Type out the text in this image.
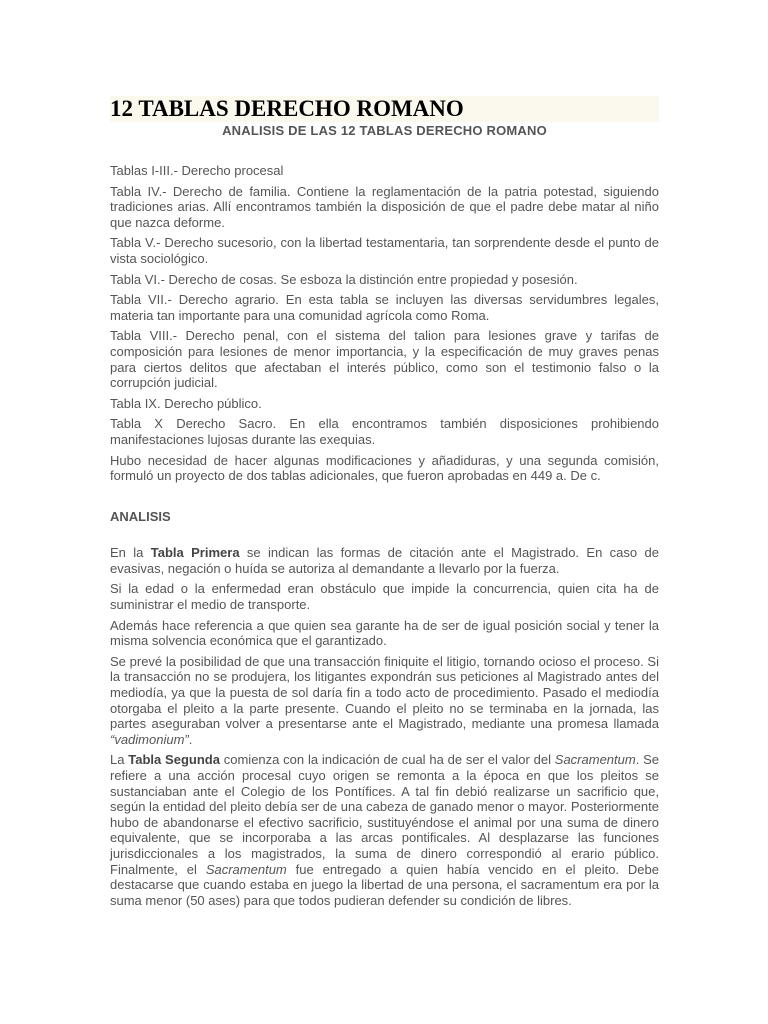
12 TABLAS DERECHO ROMANO
ANALISIS DE LAS 12 TABLAS DERECHO ROMANO

Tablas I-III.- Derecho procesal

Tabla IV.- Derecho de familia. Contiene la reglamentación de la patria potestad, siguiendo tradiciones arias. Allí encontramos también la disposición de que el padre debe matar al niño que nazca deforme.

Tabla V.- Derecho sucesorio, con la libertad testamentaria, tan sorprendente desde el punto de vista sociológico.

Tabla VI.- Derecho de cosas. Se esboza la distinción entre propiedad y posesión.

Tabla VII.- Derecho agrario. En esta tabla se incluyen las diversas servidumbres legales, materia tan importante para una comunidad agrícola como Roma.

Tabla VIII.- Derecho penal, con el sistema del talion para lesiones grave y tarifas de composición para lesiones de menor importancia, y la especificación de muy graves penas para ciertos delitos que afectaban el interés público, como son el testimonio falso o la corrupción judicial.

Tabla IX. Derecho público.

Tabla X Derecho Sacro. En ella encontramos también disposiciones prohibiendo manifestaciones lujosas durante las exequias.

Hubo necesidad de hacer algunas modificaciones y añadiduras, y una segunda comisión, formuló un proyecto de dos tablas adicionales, que fueron aprobadas en 449 a. De c.

ANALISIS

En la Tabla Primera se indican las formas de citación ante el Magistrado. En caso de evasivas, negación o huída se autoriza al demandante a llevarlo por la fuerza.

Si la edad o la enfermedad eran obstáculo que impide la concurrencia, quien cita ha de suministrar el medio de transporte.

Además hace referencia a que quien sea garante ha de ser de igual posición social y tener la misma solvencia económica que el garantizado.

Se prevé la posibilidad de que una transacción finiquite el litigio, tornando ocioso el proceso. Si la transacción no se produjera, los litigantes expondrán sus peticiones al Magistrado antes del mediodía, ya que la puesta de sol daría fin a todo acto de procedimiento. Pasado el mediodía otorgaba el pleito a la parte presente. Cuando el pleito no se terminaba en la jornada, las partes aseguraban volver a presentarse ante el Magistrado, mediante una promesa llamada “vadimonium”.

La Tabla Segunda comienza con la indicación de cual ha de ser el valor del Sacramentum. Se refiere a una acción procesal cuyo origen se remonta a la época en que los pleitos se sustanciaban ante el Colegio de los Pontífices. A tal fin debió realizarse un sacrificio que, según la entidad del pleito debía ser de una cabeza de ganado menor o mayor. Posteriormente hubo de abandonarse el efectivo sacrificio, sustituyéndose el animal por una suma de dinero equivalente, que se incorporaba a las arcas pontificales. Al desplazarse las funciones jurisdiccionales a los magistrados, la suma de dinero correspondió al erario público. Finalmente, el Sacramentum fue entregado a quien había vencido en el pleito. Debe destacarse que cuando estaba en juego la libertad de una persona, el sacramentum era por la suma menor (50 ases) para que todos pudieran defender su condición de libres.
